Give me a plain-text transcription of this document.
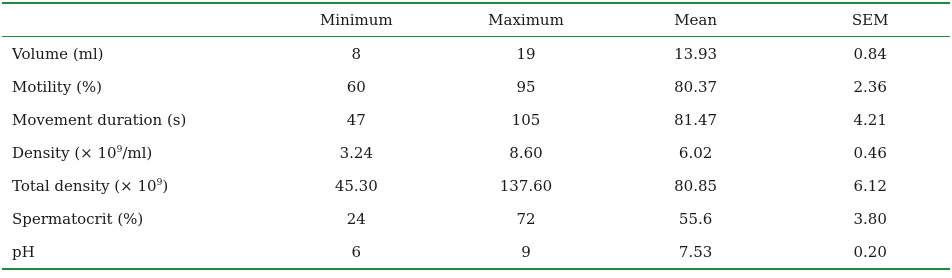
	Minimum	Maximum	Mean	SEM
Volume (ml)	8	19	13.93	0.84
Motility (%)	60	95	80.37	2.36
Movement duration (s)	47	105	81.47	4.21
Density (× $10^9/ml$)	3.24	8.60	6.02	0.46
Total density (× $10^9$)	45.30	137.60	80.85	6.12
Spermatocrit (%)	24	72	55.6	3.80
pH	6	9	7.53	0.20
